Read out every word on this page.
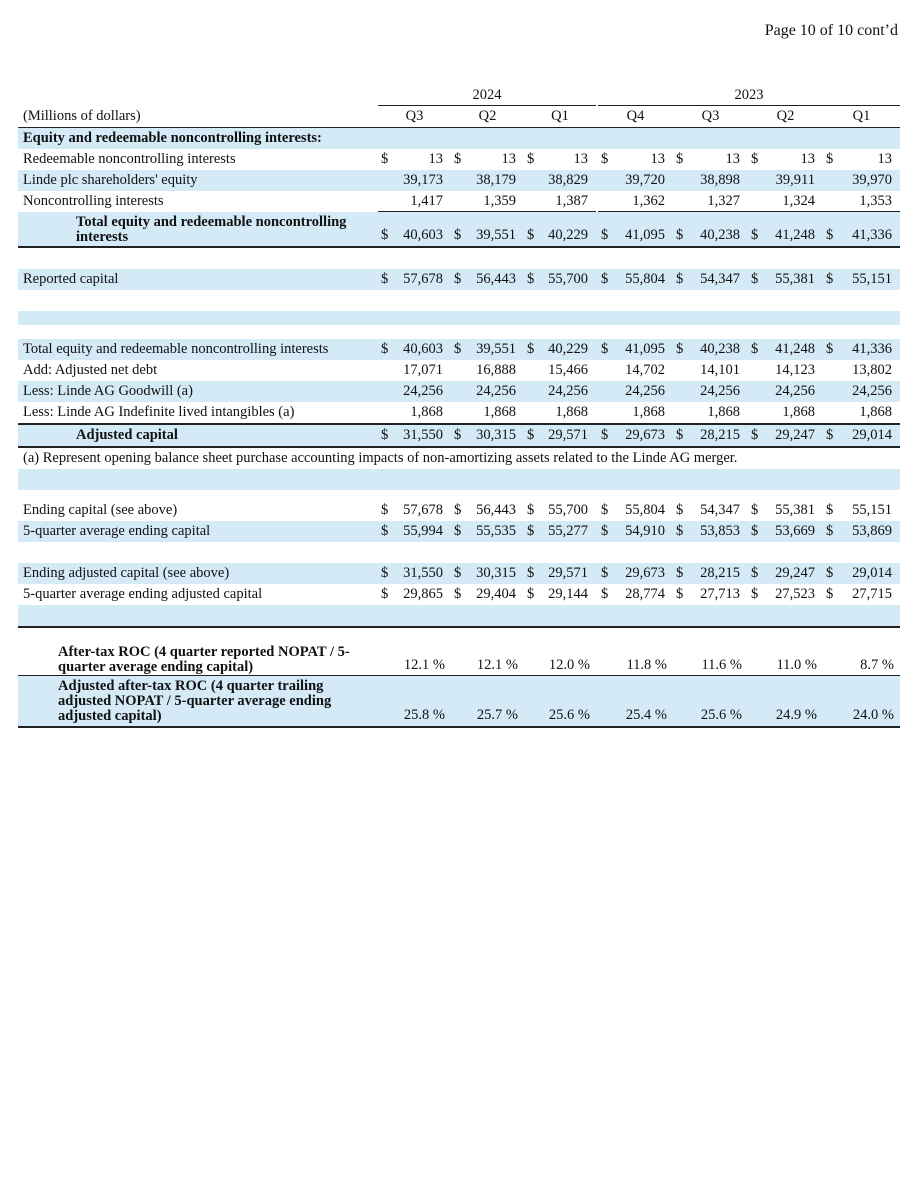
Page 10 of 10 cont’d
2024	2023
(Millions of dollars)	Q3	Q2	Q1	Q4	Q3	Q2	Q1
Equity and redeemable noncontrolling interests:
Redeemable noncontrolling interests	$	13 $	13 $	13 $	13 $	13 $	13 $	13
Linde plc shareholders' equity	39,173 38,179 38,829	39,720 38,898 39,911	39,970
Noncontrolling interests	1,417	1,359	1,387	1,362	1,327	1,324	1,353
Total equity and redeemable noncontrolling interests	$ 40,603 $ 39,551 $ 40,229 $ 41,095 $ 40,238 $ 41,248 $ 41,336
Reported capital	$ 57,678 $ 56,443 $ 55,700 $ 55,804 $ 54,347 $ 55,381 $ 55,151
Total equity and redeemable noncontrolling interests	$ 40,603 $ 39,551 $ 40,229 $ 41,095 $ 40,238 $ 41,248 $ 41,336
Add: Adjusted net debt	17,071 16,888 15,466	14,702 14,101 14,123	13,802
Less: Linde AG Goodwill (a)	24,256 24,256 24,256	24,256 24,256 24,256	24,256
Less: Linde AG Indefinite lived intangibles (a)	1,868	1,868	1,868	1,868	1,868	1,868	1,868
Adjusted capital	$ 31,550 $ 30,315 $ 29,571 $ 29,673 $ 28,215 $ 29,247 $ 29,014
(a) Represent opening balance sheet purchase accounting impacts of non-amortizing assets related to the Linde AG merger.
Ending capital (see above)	$ 57,678 $ 56,443 $ 55,700 $ 55,804 $ 54,347 $ 55,381 $ 55,151
5-quarter average ending capital	$ 55,994 $ 55,535 $ 55,277 $ 54,910 $ 53,853 $ 53,669 $ 53,869
Ending adjusted capital (see above)	$ 31,550 $ 30,315 $ 29,571 $ 29,673 $ 28,215 $ 29,247 $ 29,014
5-quarter average ending adjusted capital	$ 29,865 $ 29,404 $ 29,144 $ 28,774 $ 27,713 $ 27,523 $ 27,715
After-tax ROC (4 quarter reported NOPAT / 5-quarter average ending capital)	12.1 % 12.1 % 12.0 %	11.8 % 11.6 % 11.0 %	8.7 %
Adjusted after-tax ROC (4 quarter trailing adjusted NOPAT / 5-quarter average ending adjusted capital)	25.8 % 25.7 % 25.6 % 25.4 % 25.6 % 24.9 % 24.0 %
